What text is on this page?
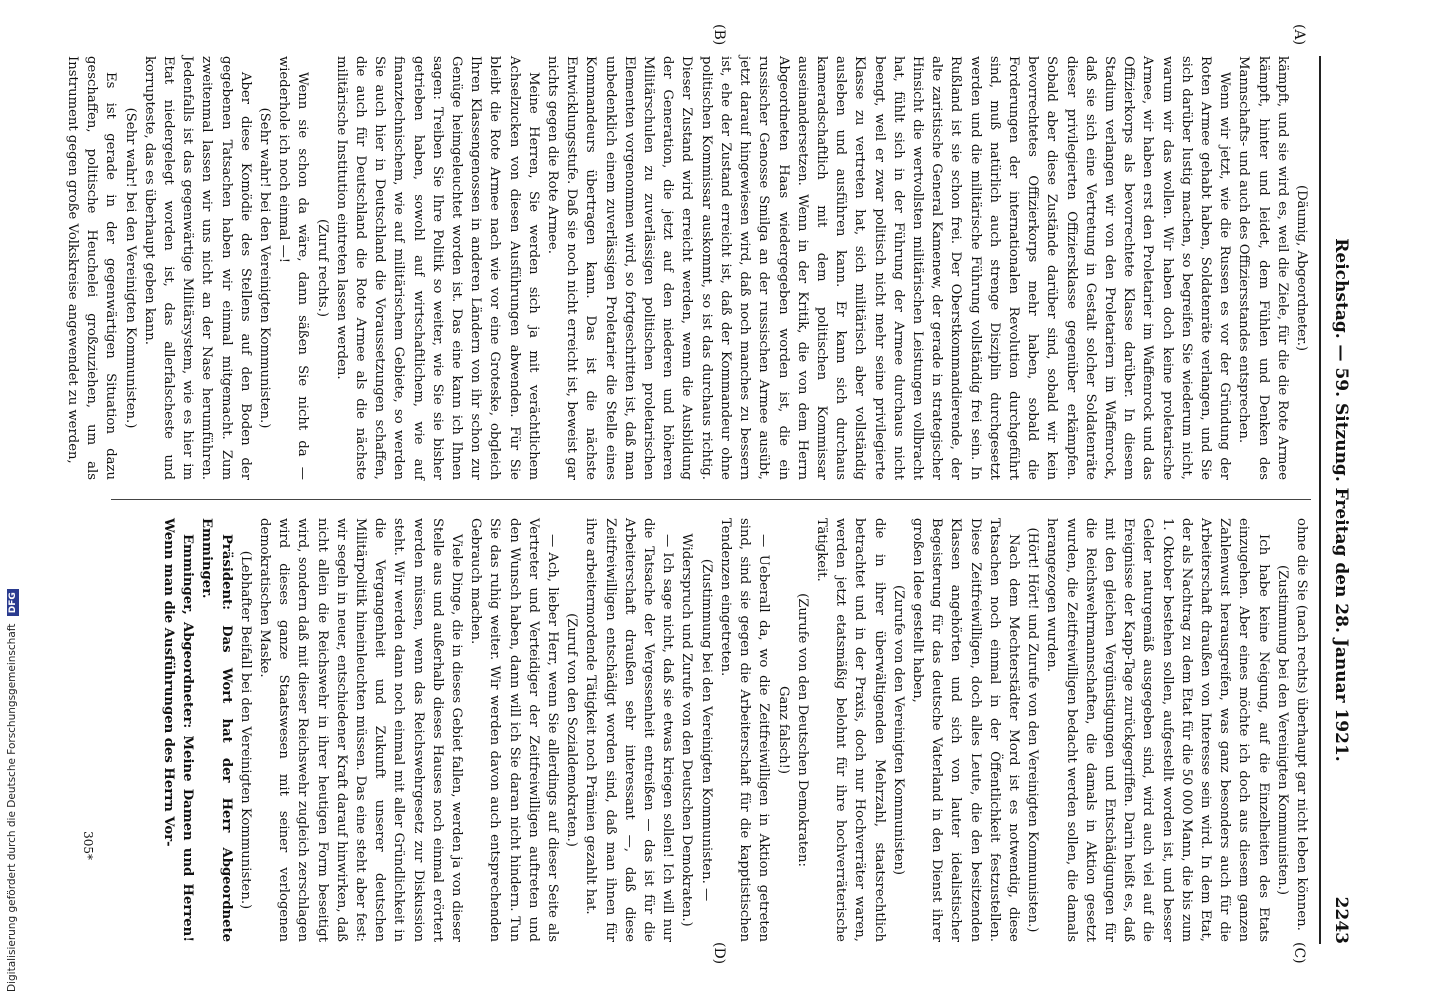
Reichstag. — 59. Sitzung. Freitag den 28. Januar 1921.
2243
(A)
(B)
(C)
(D)

(Däumig, Abgeordneter.)

kämpft, und sie wird es, weil die Ziele, für die die Rote Armee kämpft, hinter und leidet, dem Fühlen und Denken des Mannschafts- und auch des Offiziersstandes entsprechen.

Wenn wir jetzt, wie die Russen es vor der Gründung der Roten Armee gehabt haben, Soldatenräte verlangen, und Sie sich darüber lustig machen, so begreifen Sie wiederum nicht, warum wir das wollen. Wir haben doch keine proletarische Armee, wir haben erst den Proletarier im Waffenrock und das Offizierkorps als bevorrechtete Klasse darüber. In diesem Stadium verlangen wir von den Proletariern im Waffenrock, daß sie sich eine Vertretung in Gestalt solcher Soldatenräte dieser privilegierten Offiziersklasse gegenüber erkämpfen. Sobald aber diese Zustände darüber sind, sobald wir kein bevorrechtetes Offizierkorps mehr haben, sobald die Forderungen der internationalen Revolution durchgeführt sind, muß natürlich auch strenge Disziplin durchgesetzt werden und die militärische Führung vollständig frei sein. In Rußland ist sie schon frei. Der Oberstkommandierende, der alte zaristische General Kamenew, der gerade in strategischer Hinsicht die wertvollsten militärischen Leistungen vollbracht hat, fühlt sich in der Führung der Armee durchaus nicht beengt, weil er zwar politisch nicht mehr seine privilegierte Klasse zu vertreten hat, sich militärisch aber vollständig ausleben und ausführen kann. Er kann sich durchaus kameradschaftlich mit dem politischen Kommissar auseinandersetzen. Wenn in der Kritik, die von dem Herrn Abgeordneten Haas wiedergegeben worden ist, die ein russischer Genosse Smilga an der russischen Armee ausübt, jetzt darauf hingewiesen wird, daß noch manches zu bessern ist, ehe der Zustand erreicht ist, daß der Kommandeur ohne politischen Kommissar auskommt, so ist das durchaus richtig. Dieser Zustand wird erreicht werden, wenn die Ausbildung der Generation, die jetzt auf den niederen und höheren Militärschulen zu zuverlässigen politischen proletarischen Elementen vorgenommen wird, so fortgeschritten ist, daß man unbedenklich einem zuverlässigen Proletarier die Stelle eines Kommandeurs übertragen kann. Das ist die nächste Entwicklungsstufe. Daß sie noch nicht erreicht ist, beweist gar nichts gegen die Rote Armee.

Meine Herren, Sie werden sich ja mit verächtlichem Achselzucken von diesen Ausführungen abwenden. Für Sie bleibt die Rote Armee nach wie vor eine Groteske, obgleich Ihren Klassengenossen in anderen Ländern von ihr schon zur Genüge heimgeleuchtet worden ist. Das eine kann ich Ihnen sagen: Treiben Sie Ihre Politik so weiter, wie Sie sie bisher getrieben haben, sowohl auf wirtschaftlichem, wie auf finanztechnischem, wie auf militärischem Gebiete, so werden Sie auch hier in Deutschland die Voraussetzungen schaffen, die auch für Deutschland die Rote Armee als die nächste militärische Institution eintreten lassen werden.

(Zuruf rechts.)

Wenn sie schon da wäre, dann säßen Sie nicht da — wiederhole ich noch einmal —!

(Sehr wahr! bei den Vereinigten Kommunisten.)

Aber diese Komödie des Stellens auf den Boden der gegebenen Tatsachen haben wir einmal mitgemacht. Zum zweitenmal lassen wir uns nicht an der Nase herumführen. Jedenfalls ist das gegenwärtige Militärsystem, wie es hier im Etat niedergelegt worden ist, das allerfalscheste und korrupteste, das es überhaupt geben kann.

(Sehr wahr! bei den Vereinigten Kommunisten.)

Es ist gerade in der gegenwärtigen Situation dazu geschaffen, politische Heuchelei großzuziehen, um als Instrument gegen große Volkskreise angewendet zu werden,

ohne die Sie (nach rechts) überhaupt gar nicht leben können.

(Zustimmung bei den Vereinigten Kommunisten.)

Ich habe keine Neigung, auf die Einzelheiten des Etats einzugehen. Aber eines möchte ich doch aus diesem ganzen Zahlenwust herausgreifen, was ganz besonders auch für die Arbeiterschaft draußen von Interesse sein wird. In dem Etat, der als Nachtrag zu dem Etat für die 50 000 Mann, die bis zum 1. Oktober bestehen sollen, aufgestellt worden ist, und besser Gelder naturgemäß ausgegeben sind, wird auch viel auf die Ereignisse der Kapp-Tage zurückgegriffen. Darin heißt es, daß mit den gleichen Vergünstigungen und Entschädigungen für die Reichswehrmannschaften, die damals in Aktion gesetzt wurden, die Zeitfreiwilligen bedacht werden sollen, die damals herangezogen wurden.

(Hört! Hört! und Zurufe von den Vereinigten Kommunisten.)

Nach dem Mechterstädter Mord ist es notwendig, diese Tatsachen noch einmal in der Öffentlichkeit festzustellen. Diese Zeitfreiwilligen, doch alles Leute, die den besitzenden Klassen angehörten und sich von lauter idealistischer Begeisterung für das deutsche Vaterland in den Dienst ihrer großen Idee gestellt haben,

(Zurufe von den Vereinigten Kommunisten)

die in ihrer überwältigenden Mehrzahl, staatsrechtlich betrachtet und in der Praxis, doch nur Hochverräter waren, werden jetzt etatsmäßig belohnt für ihre hochverräterische Tätigkeit.

(Zurufe von den Deutschen Demokraten:

Ganz falsch!)

— Ueberall da, wo die Zeitfreiwilligen in Aktion getreten sind, sind sie gegen die Arbeiterschaft für die kapptistischen Tendenzen eingetreten.

(Zustimmung bei den Vereinigten Kommunisten. — Widerspruch und Zurufe von den Deutschen Demokraten.)

— Ich sage nicht, daß sie etwas kriegen sollen! Ich will nur die Tatsache der Vergessenheit entreißen — das ist für die Arbeiterschaft draußen sehr interessant —, daß diese Zeitfreiwilligen entschädigt worden sind, daß man ihnen für ihre arbeitermordende Tätigkeit noch Prämien gezahlt hat.

(Zuruf von den Sozialdemokraten.)

— Ach, lieber Herr, wenn Sie allerdings auf dieser Seite als Vertreter und Verteidiger der Zeitfreiwilligen auftreten und den Wunsch haben, dann will ich Sie daran nicht hindern. Tun Sie das ruhig weiter. Wir werden davon auch entsprechenden Gebrauch machen.

Viele Dinge, die in dieses Gebiet fallen, werden ja von dieser Stelle aus und außerhalb dieses Hauses noch einmal erörtert werden müssen, wenn das Reichswehrgesetz zur Diskussion steht. Wir werden dann noch einmal mit aller Gründlichkeit in die Vergangenheit und Zukunft unserer deutschen Militärpolitik hineinleuchten müssen. Das eine steht aber fest: wir segeln in neuer, entschiedener Kraft darauf hinwirken, daß nicht allein die Reichswehr in ihrer heutigen Form beseitigt wird, sondern daß mit dieser Reichswehr zugleich zerschlagen wird dieses ganze Staatswesen mit seiner verlogenen demokratischen Maske.

(Lebhafter Beifall bei den Vereinigten Kommunisten.)

Präsident: Das Wort hat der Herr Abgeordnete Emminger.

Emminger, Abgeordneter: Meine Damen und Herren! Wenn man die Ausführungen des Herrn Vor-

305*
Digitalisierung gefördert durch die Deutsche Forschungsgemeinschaft DFG
